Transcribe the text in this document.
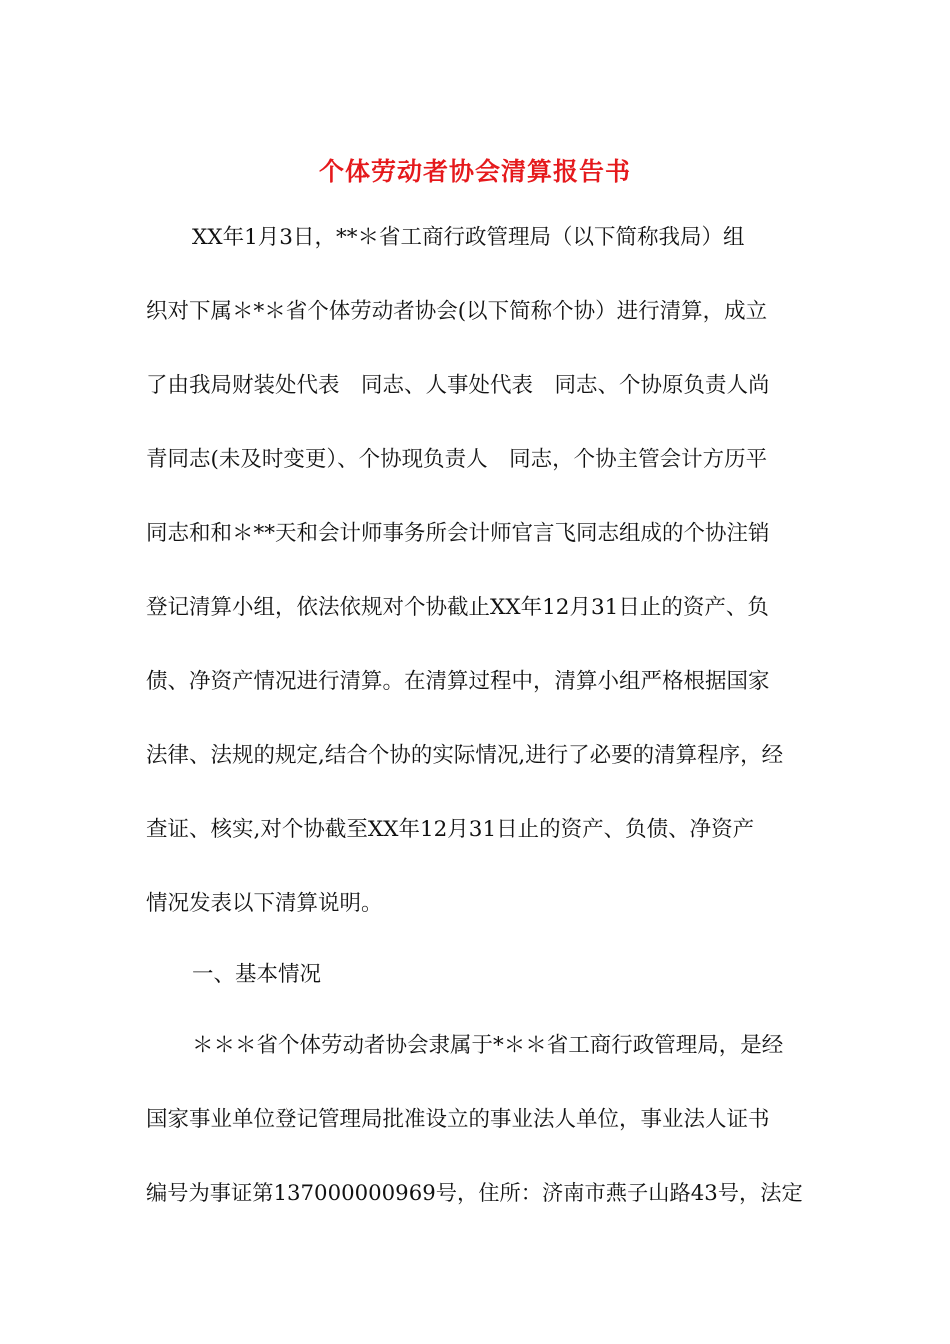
个体劳动者协会清算报告书
XX年1月3日，**＊省工商行政管理局（以下简称我局）组
织对下属＊*＊省个体劳动者协会(以下简称个协）进行清算，成立
了由我局财装处代表　同志、人事处代表　同志、个协原负责人尚
青同志(未及时变更）、个协现负责人　同志，个协主管会计方历平
同志和和＊**天和会计师事务所会计师官言飞同志组成的个协注销
登记清算小组，依法依规对个协截止XX年12月31日止的资产、负
债、净资产情况进行清算。在清算过程中，清算小组严格根据国家
法律、法规的规定,结合个协的实际情况,进行了必要的清算程序，经
查证、核实,对个协截至XX年12月31日止的资产、负债、净资产
情况发表以下清算说明。
一、基本情况
＊＊＊省个体劳动者协会隶属于*＊＊省工商行政管理局，是经
国家事业单位登记管理局批准设立的事业法人单位，事业法人证书
编号为事证第137000000969号，住所：济南市燕子山路43号，法定
